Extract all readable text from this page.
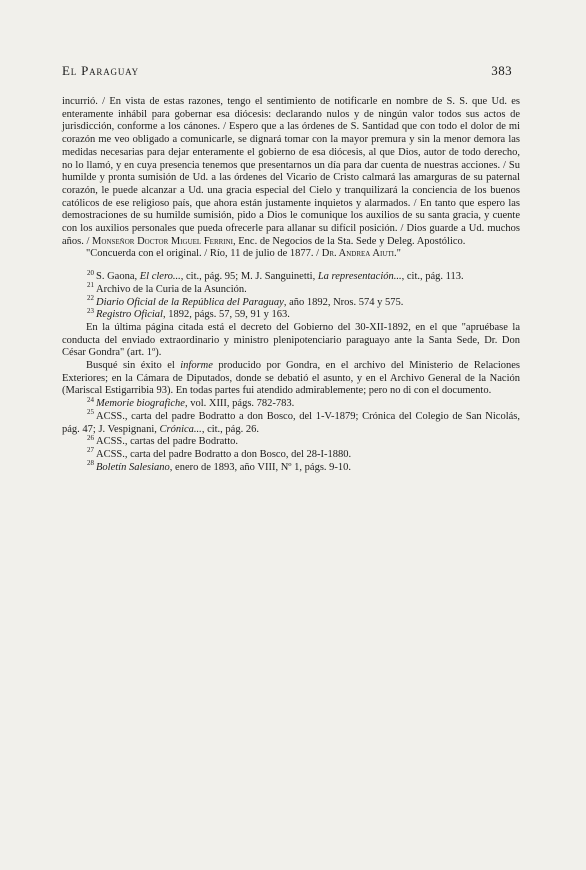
El Paraguay	383

incurrió. / En vista de estas razones, tengo el sentimiento de notificarle en nombre de S. S. que Ud. es enteramente inhábil para gobernar esa diócesis: declarando nulos y de ningún valor todos sus actos de jurisdicción, conforme a los cánones. / Espero que a las órdenes de S. Santidad que con todo el dolor de mi corazón me veo obligado a comunicarle, se dignará tomar con la mayor premura y sin la menor demora las medidas necesarias para dejar enteramente el gobierno de esa diócesis, al que Dios, autor de todo derecho, no lo llamó, y en cuya presencia tenemos que presentarnos un día para dar cuenta de nuestras acciones. / Su humilde y pronta sumisión de Ud. a las órdenes del Vicario de Cristo calmará las amarguras de su paternal corazón, le puede alcanzar a Ud. una gracia especial del Cielo y tranquilizará la conciencia de los buenos católicos de ese religioso país, que ahora están justamente inquietos y alarmados. / En tanto que espero las demostraciones de su humilde sumisión, pido a Dios le comunique los auxilios de su santa gracia, y cuente con los auxilios personales que pueda ofrecerle para allanar su difícil posición. / Dios guarde a Ud. muchos años. / Monseñor Doctor Miguel Ferrini, Enc. de Negocios de la Sta. Sede y Deleg. Apostólico.

"Concuerda con el original. / Río, 11 de julio de 1877. / Dr. Andrea Aiuti."

$^{20}$ S. Gaona, El clero..., cit., pág. 95; M. J. Sanguinetti, La representación..., cit., pág. 113.

$^{21}$ Archivo de la Curia de la Asunción.

$^{22}$ Diario Oficial de la República del Paraguay, año 1892, Nros. 574 y 575.

$^{23}$ Registro Oficial, 1892, págs. 57, 59, 91 y 163.

En la última página citada está el decreto del Gobierno del 30-XII-1892, en el que "apruébase la conducta del enviado extraordinario y ministro plenipotenciario paraguayo ante la Santa Sede, Dr. Don César Gondra" (art. 1º).

Busqué sin éxito el informe producido por Gondra, en el archivo del Ministerio de Relaciones Exteriores; en la Cámara de Diputados, donde se debatió el asunto, y en el Archivo General de la Nación (Mariscal Estigarribia 93). En todas partes fui atendido admirablemente; pero no di con el documento.

$^{24}$ Memorie biografiche, vol. XIII, págs. 782-783.

$^{25}$ ACSS., carta del padre Bodratto a don Bosco, del 1-V-1879; Crónica del Colegio de San Nicolás, pág. 47; J. Vespignani, Crónica..., cit., pág. 26.

$^{26}$ ACSS., cartas del padre Bodratto.

$^{27}$ ACSS., carta del padre Bodratto a don Bosco, del 28-I-1880.

$^{28}$ Boletín Salesiano, enero de 1893, año VIII, Nº 1, págs. 9-10.
